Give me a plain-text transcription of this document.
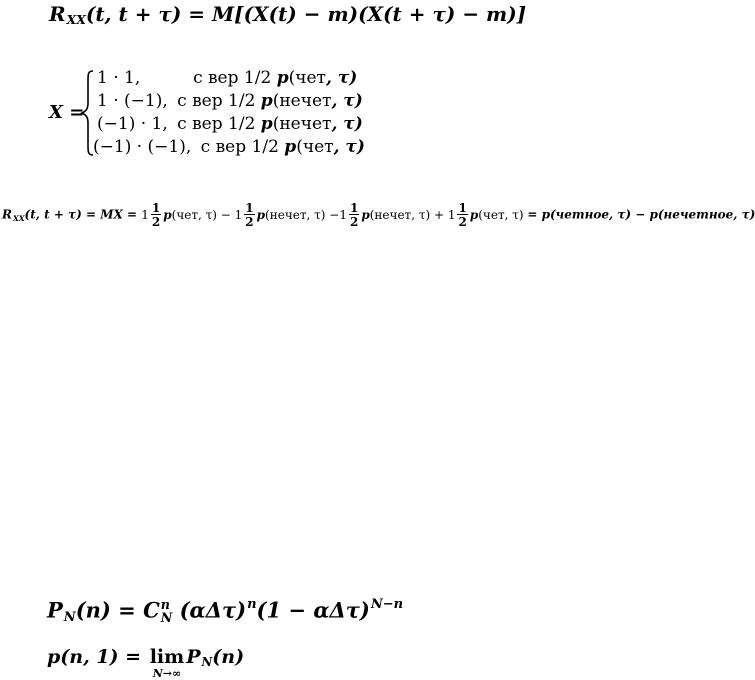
$R_{XX}(t$, t + τ) = M[(X(t) − m)(X(t + τ) − m)]
X =
1 · 1,	с вер 1/2 p(чет, τ)
1 · (−1), с вер 1/2 p(нечет, τ)
(−1) · 1, с вер 1/2 p(нечет, τ)
(−1) · (−1), с вер 1/2 p(чет, τ)
$R_{XX}(t$, t + τ) = MX = $1 \frac{1}{2} p(чет$, $\tau) - 1 \frac{1}{2}$ p(нечет, $\tau) -1 \frac{1}{2}$ p(нечет, $\tau) + 1 \frac{1}{2} p(чет$, τ) = p(четное, τ) − p(нечетное, τ)
$P_N(n) = C$ n
N $(\alpha\Delta\tau)^n(1 - \alpha\Delta\tau)^{N-n}$
p(n, 1) = lim
N→∞
$P_N(n)$
